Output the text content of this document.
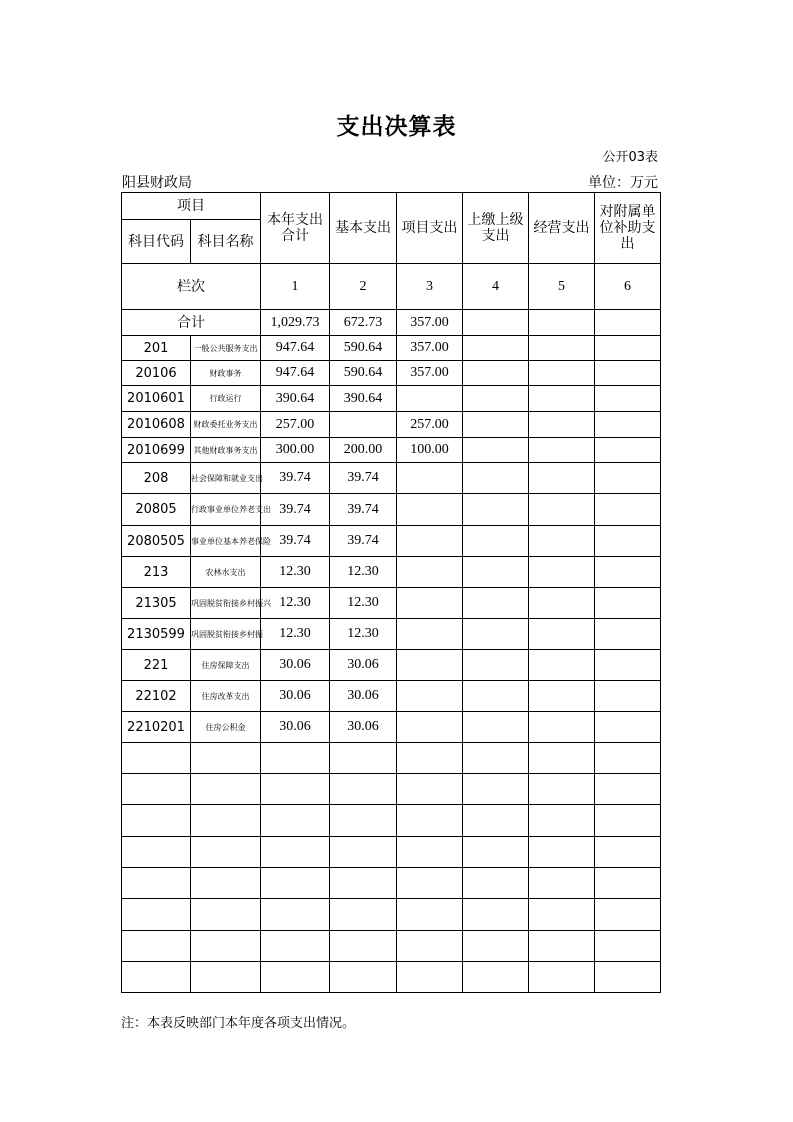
支出决算表
公开03表
阳县财政局	单位：万元
项目		本年支出合计	基本支出	项目支出	上缴上级支出	经营支出	对附属单位补助支出
科目代码	科目名称						
栏次		1	2	3	4	5	6
合计		1,029.73	672.73	357.00			
201	一般公共服务支出	947.64	590.64	357.00			
20106	财政事务	947.64	590.64	357.00			
2010601	行政运行	390.64	390.64				
2010608	财政委托业务支出	257.00		257.00			
2010699	其他财政事务支出	300.00	200.00	100.00			
208	社会保障和就业支出	39.74	39.74				
20805	行政事业单位养老支出	39.74	39.74				
2080505	事业单位基本养老保险	39.74	39.74				
213	农林水支出	12.30	12.30				
21305	巩固脱贫衔接乡村振兴	12.30	12.30				
2130599	巩固脱贫衔接乡村振	12.30	12.30				
221	住房保障支出	30.06	30.06				
22102	住房改革支出	30.06	30.06				
2210201	住房公积金	30.06	30.06				

注：本表反映部门本年度各项支出情况。
